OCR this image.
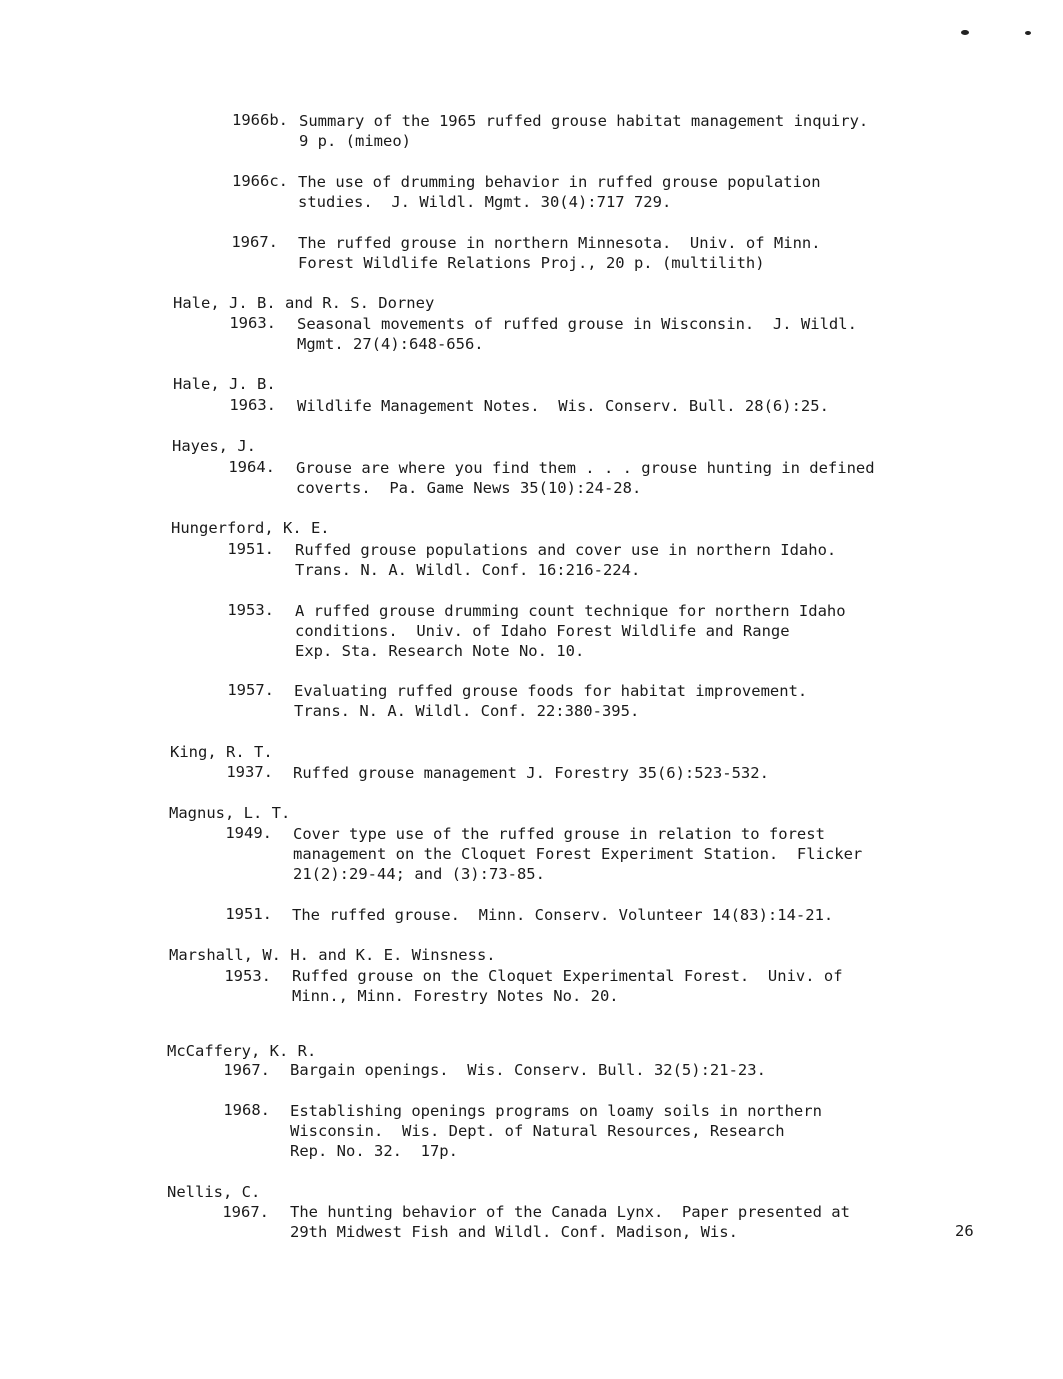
1966b. Summary of the 1965 ruffed grouse habitat management inquiry.
9 p. (mimeo)
1966c. The use of drumming behavior in ruffed grouse population
studies.  J. Wildl. Mgmt. 30(4):717 729.
1967. The ruffed grouse in northern Minnesota.  Univ. of Minn.
Forest Wildlife Relations Proj., 20 p. (multilith)
Hale, J. B. and R. S. Dorney
1963. Seasonal movements of ruffed grouse in Wisconsin.  J. Wildl.
Mgmt. 27(4):648-656.
Hale, J. B.
1963. Wildlife Management Notes.  Wis. Conserv. Bull. 28(6):25.
Hayes, J.
1964. Grouse are where you find them . . . grouse hunting in defined
coverts.  Pa. Game News 35(10):24-28.
Hungerford, K. E.
1951. Ruffed grouse populations and cover use in northern Idaho.
Trans. N. A. Wildl. Conf. 16:216-224.
1953. A ruffed grouse drumming count technique for northern Idaho
conditions.  Univ. of Idaho Forest Wildlife and Range
Exp. Sta. Research Note No. 10.
1957. Evaluating ruffed grouse foods for habitat improvement.
Trans. N. A. Wildl. Conf. 22:380-395.
King, R. T.
1937. Ruffed grouse management J. Forestry 35(6):523-532.
Magnus, L. T.
1949. Cover type use of the ruffed grouse in relation to forest
management on the Cloquet Forest Experiment Station.  Flicker
21(2):29-44; and (3):73-85.
1951. The ruffed grouse.  Minn. Conserv. Volunteer 14(83):14-21.
Marshall, W. H. and K. E. Winsness.
1953. Ruffed grouse on the Cloquet Experimental Forest.  Univ. of
Minn., Minn. Forestry Notes No. 20.
McCaffery, K. R.
1967. Bargain openings.  Wis. Conserv. Bull. 32(5):21-23.
1968. Establishing openings programs on loamy soils in northern
Wisconsin.  Wis. Dept. of Natural Resources, Research
Rep. No. 32.  17p.
Nellis, C.
1967. The hunting behavior of the Canada Lynx.  Paper presented at
29th Midwest Fish and Wildl. Conf. Madison, Wis.	26
